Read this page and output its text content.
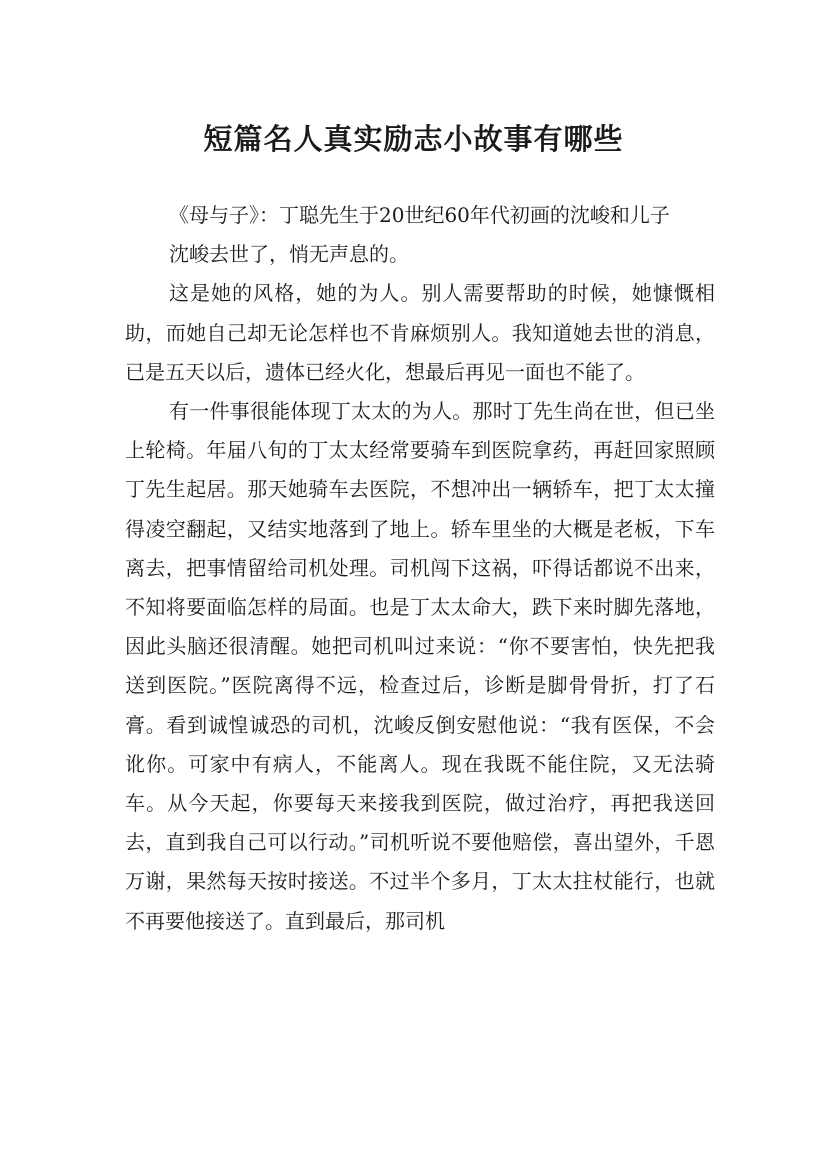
短篇名人真实励志小故事有哪些

《母与子》：丁聪先生于20世纪60年代初画的沈峻和儿子

沈峻去世了，悄无声息的。

这是她的风格，她的为人。别人需要帮助的时候，她慷慨相助，而她自己却无论怎样也不肯麻烦别人。我知道她去世的消息，已是五天以后，遗体已经火化，想最后再见一面也不能了。

有一件事很能体现丁太太的为人。那时丁先生尚在世，但已坐上轮椅。年届八旬的丁太太经常要骑车到医院拿药，再赶回家照顾丁先生起居。那天她骑车去医院，不想冲出一辆轿车，把丁太太撞得凌空翻起，又结实地落到了地上。轿车里坐的大概是老板，下车离去，把事情留给司机处理。司机闯下这祸，吓得话都说不出来，不知将要面临怎样的局面。也是丁太太命大，跌下来时脚先落地，因此头脑还很清醒。她把司机叫过来说：“你不要害怕，快先把我送到医院。”医院离得不远，检查过后，诊断是脚骨骨折，打了石膏。看到诚惶诚恐的司机，沈峻反倒安慰他说：“我有医保，不会讹你。可家中有病人，不能离人。现在我既不能住院，又无法骑车。从今天起，你要每天来接我到医院，做过治疗，再把我送回去，直到我自己可以行动。”司机听说不要他赔偿，喜出望外，千恩万谢，果然每天按时接送。不过半个多月，丁太太拄杖能行，也就不再要他接送了。直到最后，那司机
